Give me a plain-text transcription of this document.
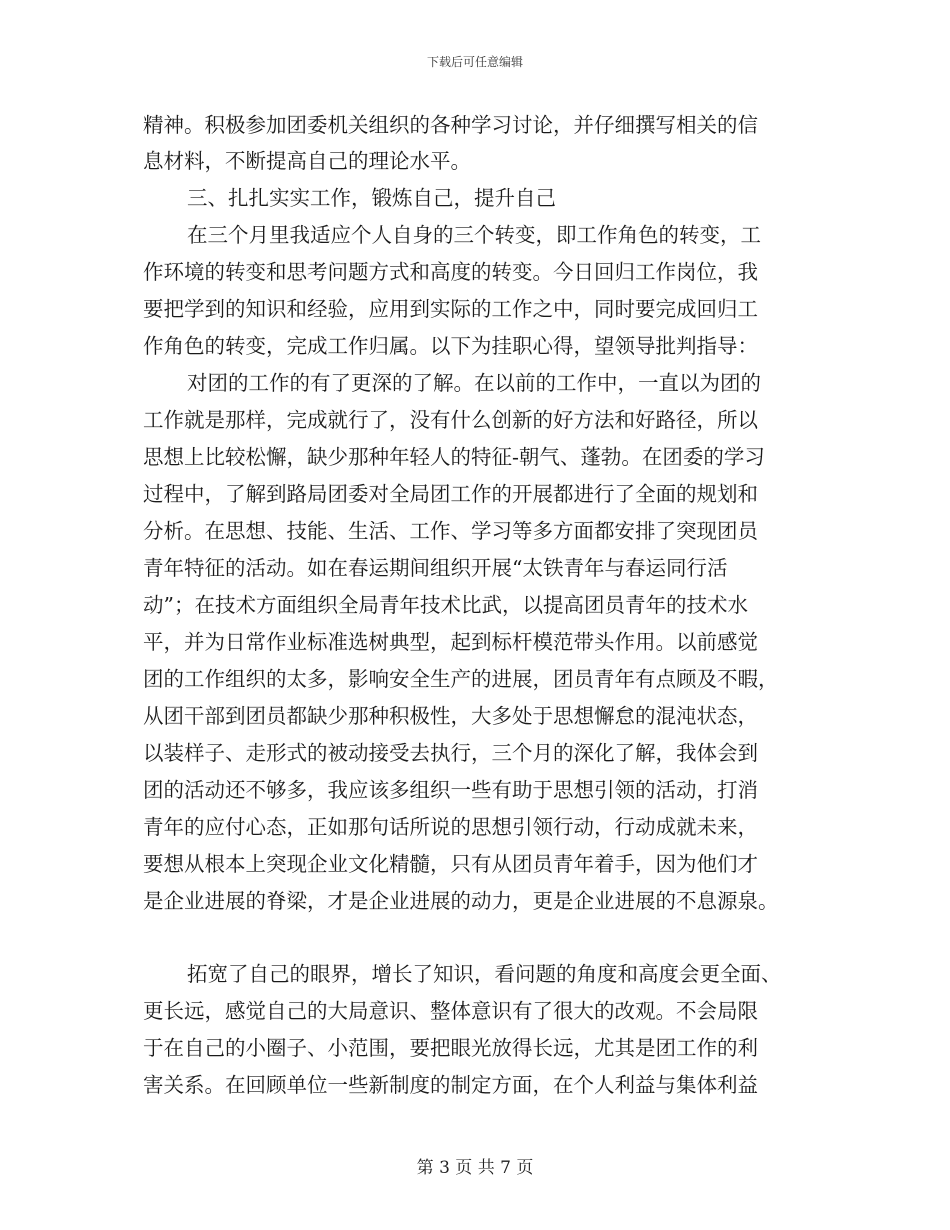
下载后可任意编辑
精神。积极参加团委机关组织的各种学习讨论，并仔细撰写相关的信
息材料，不断提高自己的理论水平。
三、扎扎实实工作，锻炼自己，提升自己
在三个月里我适应个人自身的三个转变，即工作角色的转变，工
作环境的转变和思考问题方式和高度的转变。今日回归工作岗位，我
要把学到的知识和经验，应用到实际的工作之中，同时要完成回归工
作角色的转变，完成工作归属。以下为挂职心得，望领导批判指导：
对团的工作的有了更深的了解。在以前的工作中，一直以为团的
工作就是那样，完成就行了，没有什么创新的好方法和好路径，所以
思想上比较松懈，缺少那种年轻人的特征-朝气、蓬勃。在团委的学习
过程中，了解到路局团委对全局团工作的开展都进行了全面的规划和
分析。在思想、技能、生活、工作、学习等多方面都安排了突现团员
青年特征的活动。如在春运期间组织开展“太铁青年与春运同行活
动”；在技术方面组织全局青年技术比武，以提高团员青年的技术水
平，并为日常作业标准选树典型，起到标杆模范带头作用。以前感觉
团的工作组织的太多，影响安全生产的进展，团员青年有点顾及不暇，
从团干部到团员都缺少那种积极性，大多处于思想懈怠的混沌状态，
以装样子、走形式的被动接受去执行，三个月的深化了解，我体会到
团的活动还不够多，我应该多组织一些有助于思想引领的活动，打消
青年的应付心态，正如那句话所说的思想引领行动，行动成就未来，
要想从根本上突现企业文化精髓，只有从团员青年着手，因为他们才
是企业进展的脊梁，才是企业进展的动力，更是企业进展的不息源泉。
拓宽了自己的眼界，增长了知识，看问题的角度和高度会更全面、
更长远，感觉自己的大局意识、整体意识有了很大的改观。不会局限
于在自己的小圈子、小范围，要把眼光放得长远，尤其是团工作的利
害关系。在回顾单位一些新制度的制定方面，在个人利益与集体利益
第 3 页 共 7 页
